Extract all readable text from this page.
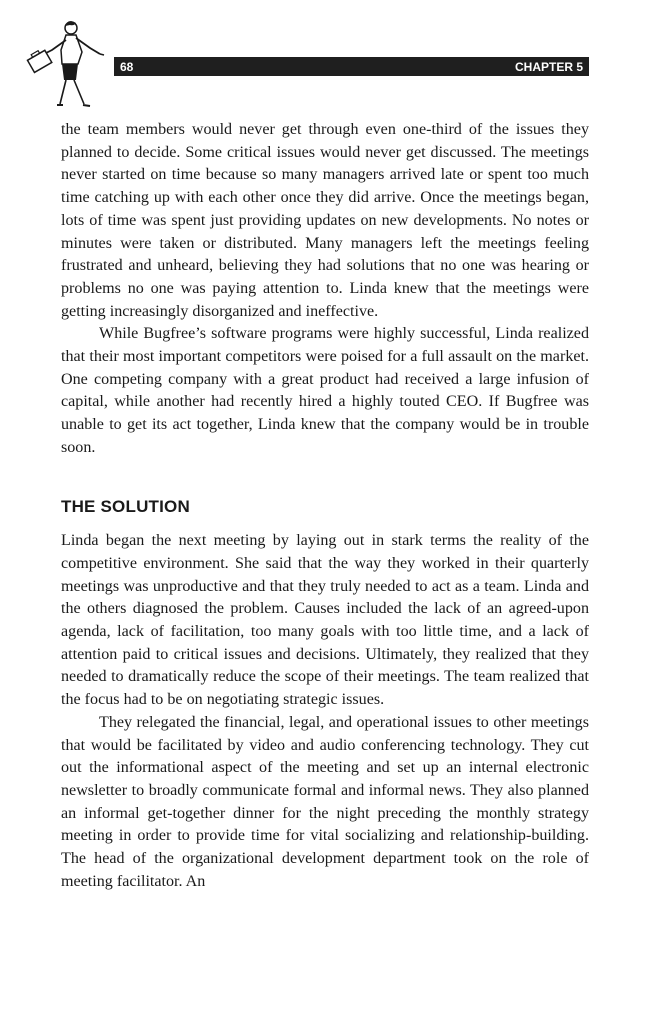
68	CHAPTER 5

the team members would never get through even one-third of the issues they planned to decide. Some critical issues would never get discussed. The meetings never started on time because so many managers arrived late or spent too much time catching up with each other once they did arrive. Once the meetings began, lots of time was spent just providing updates on new developments. No notes or minutes were taken or distributed. Many managers left the meetings feeling frustrated and unheard, believing they had solutions that no one was hearing or problems no one was paying attention to. Linda knew that the meetings were getting increasingly disorganized and ineffective.

While Bugfree’s software programs were highly successful, Linda realized that their most important competitors were poised for a full assault on the market. One competing company with a great product had received a large infusion of capital, while another had recently hired a highly touted CEO. If Bugfree was unable to get its act together, Linda knew that the company would be in trouble soon.

THE SOLUTION

Linda began the next meeting by laying out in stark terms the reality of the competitive environment. She said that the way they worked in their quarterly meetings was unproductive and that they truly needed to act as a team. Linda and the others diagnosed the problem. Causes included the lack of an agreed-upon agenda, lack of facilitation, too many goals with too little time, and a lack of attention paid to critical issues and decisions. Ultimately, they realized that they needed to dramatically reduce the scope of their meetings. The team realized that the focus had to be on negotiating strategic issues.

They relegated the financial, legal, and operational issues to other meetings that would be facilitated by video and audio conferencing technology. They cut out the informational aspect of the meeting and set up an internal electronic newsletter to broadly communicate formal and informal news. They also planned an informal get-together dinner for the night preceding the monthly strategy meeting in order to provide time for vital socializing and relationship-building. The head of the organizational development department took on the role of meeting facilitator. An
